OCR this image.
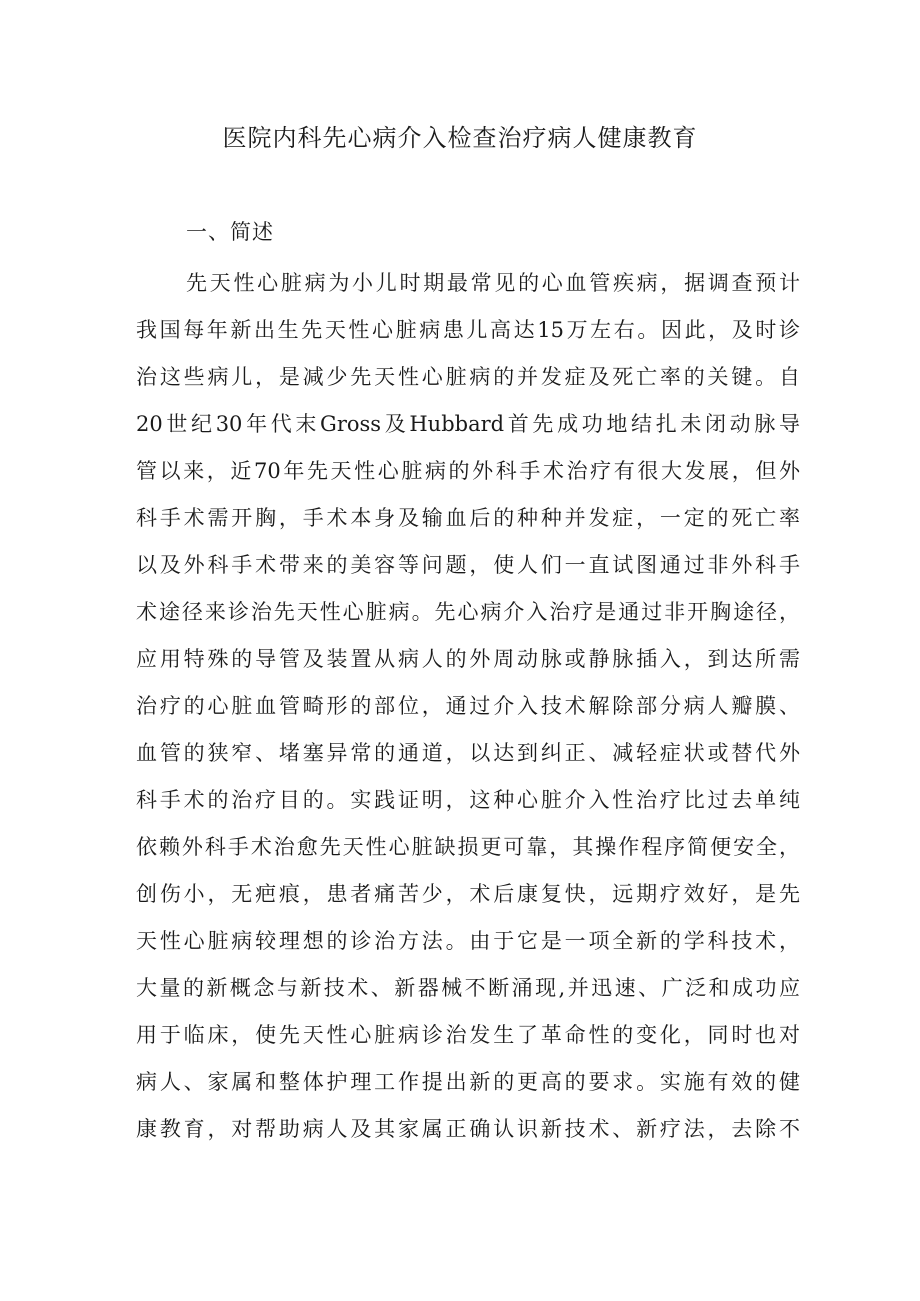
医院内科先心病介入检查治疗病人健康教育
一、简述
先天性心脏病为小儿时期最常见的心血管疾病，据调查预计
我国每年新出生先天性心脏病患儿高达15万左右。因此，及时诊
治这些病儿，是减少先天性心脏病的并发症及死亡率的关键。自
20世纪30年代末Gross及Hubbard首先成功地结扎未闭动脉导
管以来，近70年先天性心脏病的外科手术治疗有很大发展，但外
科手术需开胸，手术本身及输血后的种种并发症，一定的死亡率
以及外科手术带来的美容等问题，使人们一直试图通过非外科手
术途径来诊治先天性心脏病。先心病介入治疗是通过非开胸途径，
应用特殊的导管及装置从病人的外周动脉或静脉插入，到达所需
治疗的心脏血管畸形的部位，通过介入技术解除部分病人瓣膜、
血管的狭窄、堵塞异常的通道，以达到纠正、减轻症状或替代外
科手术的治疗目的。实践证明，这种心脏介入性治疗比过去单纯
依赖外科手术治愈先天性心脏缺损更可靠，其操作程序简便安全，
创伤小，无疤痕，患者痛苦少，术后康复快，远期疗效好，是先
天性心脏病较理想的诊治方法。由于它是一项全新的学科技术，
大量的新概念与新技术、新器械不断涌现,并迅速、广泛和成功应
用于临床，使先天性心脏病诊治发生了革命性的变化，同时也对
病人、家属和整体护理工作提出新的更高的要求。实施有效的健
康教育，对帮助病人及其家属正确认识新技术、新疗法，去除不
